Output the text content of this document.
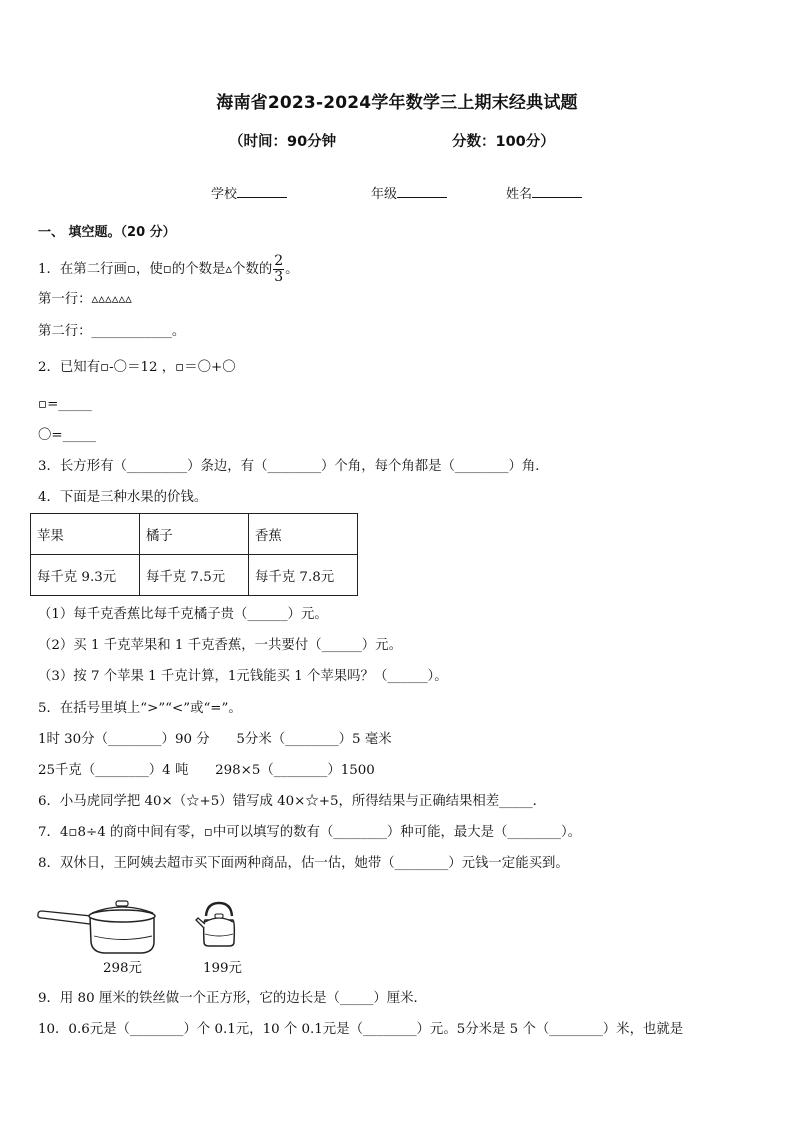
海南省2023-2024学年数学三上期末经典试题
（时间：90分钟	分数：100分）
学校	年级	姓名
一、 填空题。（20 分）
1．在第二行画▫，使▫的个数是▵个数的 $\frac{2}{3}$ 。
第一行：▵▵▵▵▵▵
第二行：____________。
2．已知有▫-〇＝12 ，▫＝〇+〇
▫=_____
〇=_____
3．长方形有（_________）条边，有（________）个角，每个角都是（________）角．
4．下面是三种水果的价钱。
苹果	橘子	香蕉
每千克 9.3元	每千克 7.5元	每千克 7.8元
（1）每千克香蕉比每千克橘子贵（______）元。
（2）买 1 千克苹果和 1 千克香蕉，一共要付（______）元。
（3）按 7 个苹果 1 千克计算，1元钱能买 1 个苹果吗？（______）。
5．在括号里填上“>”“<”或“=”。
1时 30分（________）90 分　　5分米（________）5 毫米
25千克（________）4 吨　　298×5（________）1500
6．小马虎同学把 40×（☆+5）错写成 40×☆+5，所得结果与正确结果相差_____．
7．4▫8÷4 的商中间有零，▫中可以填写的数有（________）种可能，最大是（________）。
8．双休日，王阿姨去超市买下面两种商品，估一估，她带（________）元钱一定能买到。
298元	199元
9．用 80 厘米的铁丝做一个正方形，它的边长是（_____）厘米．
10．0.6元是（________）个 0.1元，10 个 0.1元是（________）元。5分米是 5 个（________）米，也就是
